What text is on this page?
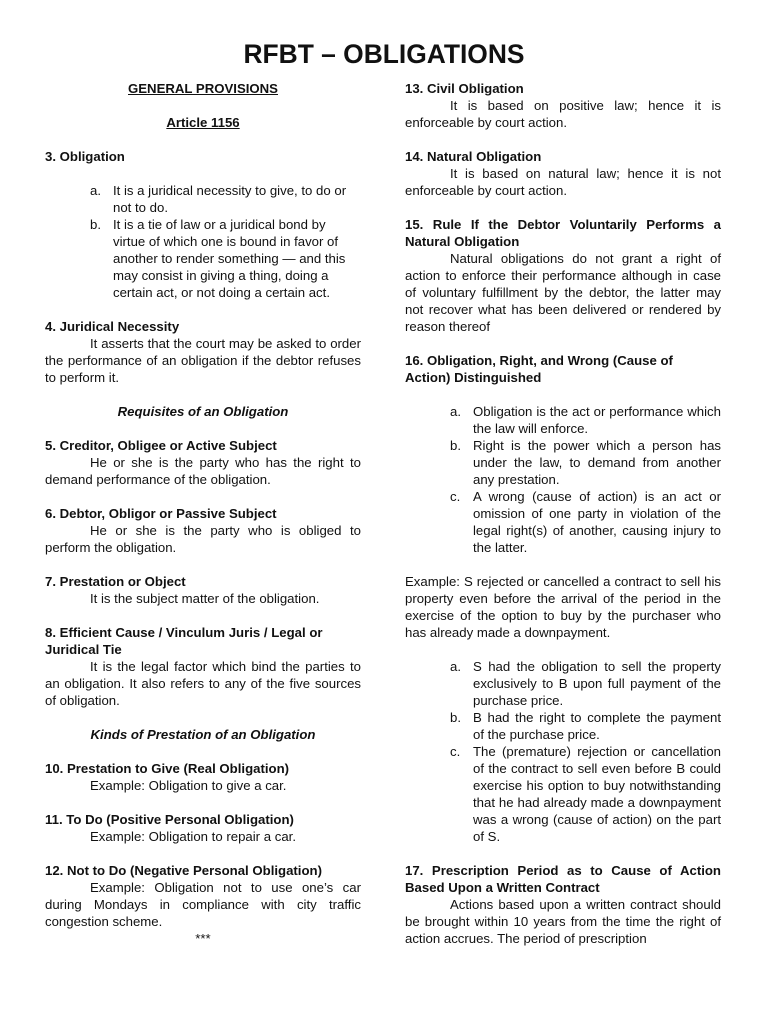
RFBT – OBLIGATIONS

GENERAL PROVISIONS

Article 1156

3. Obligation

a. It is a juridical necessity to give, to do or not to do.
b. It is a tie of law or a juridical bond by virtue of which one is bound in favor of another to render something — and this may consist in giving a thing, doing a certain act, or not doing a certain act.

4. Juridical Necessity

It asserts that the court may be asked to order the performance of an obligation if the debtor refuses to perform it.

Requisites of an Obligation

5. Creditor, Obligee or Active Subject

He or she is the party who has the right to demand performance of the obligation.

6. Debtor, Obligor or Passive Subject

He or she is the party who is obliged to perform the obligation.

7. Prestation or Object

It is the subject matter of the obligation.

8. Efficient Cause / Vinculum Juris / Legal or Juridical Tie

It is the legal factor which bind the parties to an obligation. It also refers to any of the five sources of obligation.

Kinds of Prestation of an Obligation

10. Prestation to Give (Real Obligation)

Example: Obligation to give a car.

11. To Do (Positive Personal Obligation)

Example: Obligation to repair a car.

12. Not to Do (Negative Personal Obligation)

Example: Obligation not to use one’s car during Mondays in compliance with city traffic congestion scheme.

***

13. Civil Obligation

It is based on positive law; hence it is enforceable by court action.

14. Natural Obligation

It is based on natural law; hence it is not enforceable by court action.

15. Rule If the Debtor Voluntarily Performs a Natural Obligation

Natural obligations do not grant a right of action to enforce their performance although in case of voluntary fulfillment by the debtor, the latter may not recover what has been delivered or rendered by reason thereof

16. Obligation, Right, and Wrong (Cause of Action) Distinguished

a. Obligation is the act or performance which the law will enforce.
b. Right is the power which a person has under the law, to demand from another any prestation.
c. A wrong (cause of action) is an act or omission of one party in violation of the legal right(s) of another, causing injury to the latter.

Example: S rejected or cancelled a contract to sell his property even before the arrival of the period in the exercise of the option to buy by the purchaser who has already made a downpayment.

a. S had the obligation to sell the property exclusively to B upon full payment of the purchase price.
b. B had the right to complete the payment of the purchase price.
c. The (premature) rejection or cancellation of the contract to sell even before B could exercise his option to buy notwithstanding that he had already made a downpayment was a wrong (cause of action) on the part of S.

17. Prescription Period as to Cause of Action Based Upon a Written Contract

Actions based upon a written contract should be brought within 10 years from the time the right of action accrues. The period of prescription
